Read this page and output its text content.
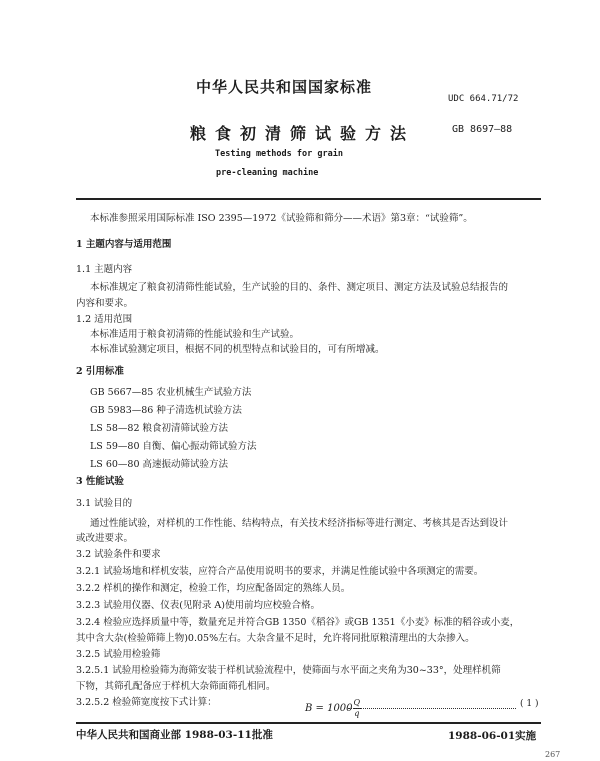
中华人民共和国国家标准
UDC 664.71/72
粮食初清筛试验方法	GB 8697—88
Testing methods for grain
pre-cleaning machine
本标准参照采用国际标准 ISO 2395—1972《试验筛和筛分——术语》第3章：“试验筛”。
1 主题内容与适用范围
1.1 主题内容
本标准规定了粮食初清筛性能试验，生产试验的目的、条件、测定项目、测定方法及试验总结报告的
内容和要求。
1.2 适用范围
本标准适用于粮食初清筛的性能试验和生产试验。
本标准试验测定项目，根据不同的机型特点和试验目的，可有所增减。
2 引用标准
GB 5667—85 农业机械生产试验方法
GB 5983—86 种子清选机试验方法
LS 58—82 粮食初清筛试验方法
LS 59—80 自衡、偏心振动筛试验方法
LS 60—80 高速振动筛试验方法
3 性能试验
3.1 试验目的
通过性能试验，对样机的工作性能、结构特点，有关技术经济指标等进行测定、考核其是否达到设计
或改进要求。
3.2 试验条件和要求
3.2.1 试验场地和样机安装，应符合产品使用说明书的要求，并满足性能试验中各项测定的需要。
3.2.2 样机的操作和测定，检验工作，均应配备固定的熟练人员。
3.2.3 试验用仪器、仪表(见附录 A)使用前均应校验合格。
3.2.4 检验应选择质量中等，数量充足并符合GB 1350《稻谷》或GB 1351《小麦》标准的稻谷或小麦，
其中含大杂(检验筛筛上物)0.05%左右。大杂含量不足时，允许将同批原粮清理出的大杂掺入。
3.2.5 试验用检验筛
3.2.5.1 试验用检验筛为海筛安装于样机试验流程中，使筛面与水平面之夹角为30~33°，处理样机筛
下物，其筛孔配备应于样机大杂筛面筛孔相同。
3.2.5.2 检验筛宽度按下式计算：
$B = 1000 \frac{Q}{q}$	( 1 )
中华人民共和国商业部 1988-03-11批准	1988-06-01实施
267
